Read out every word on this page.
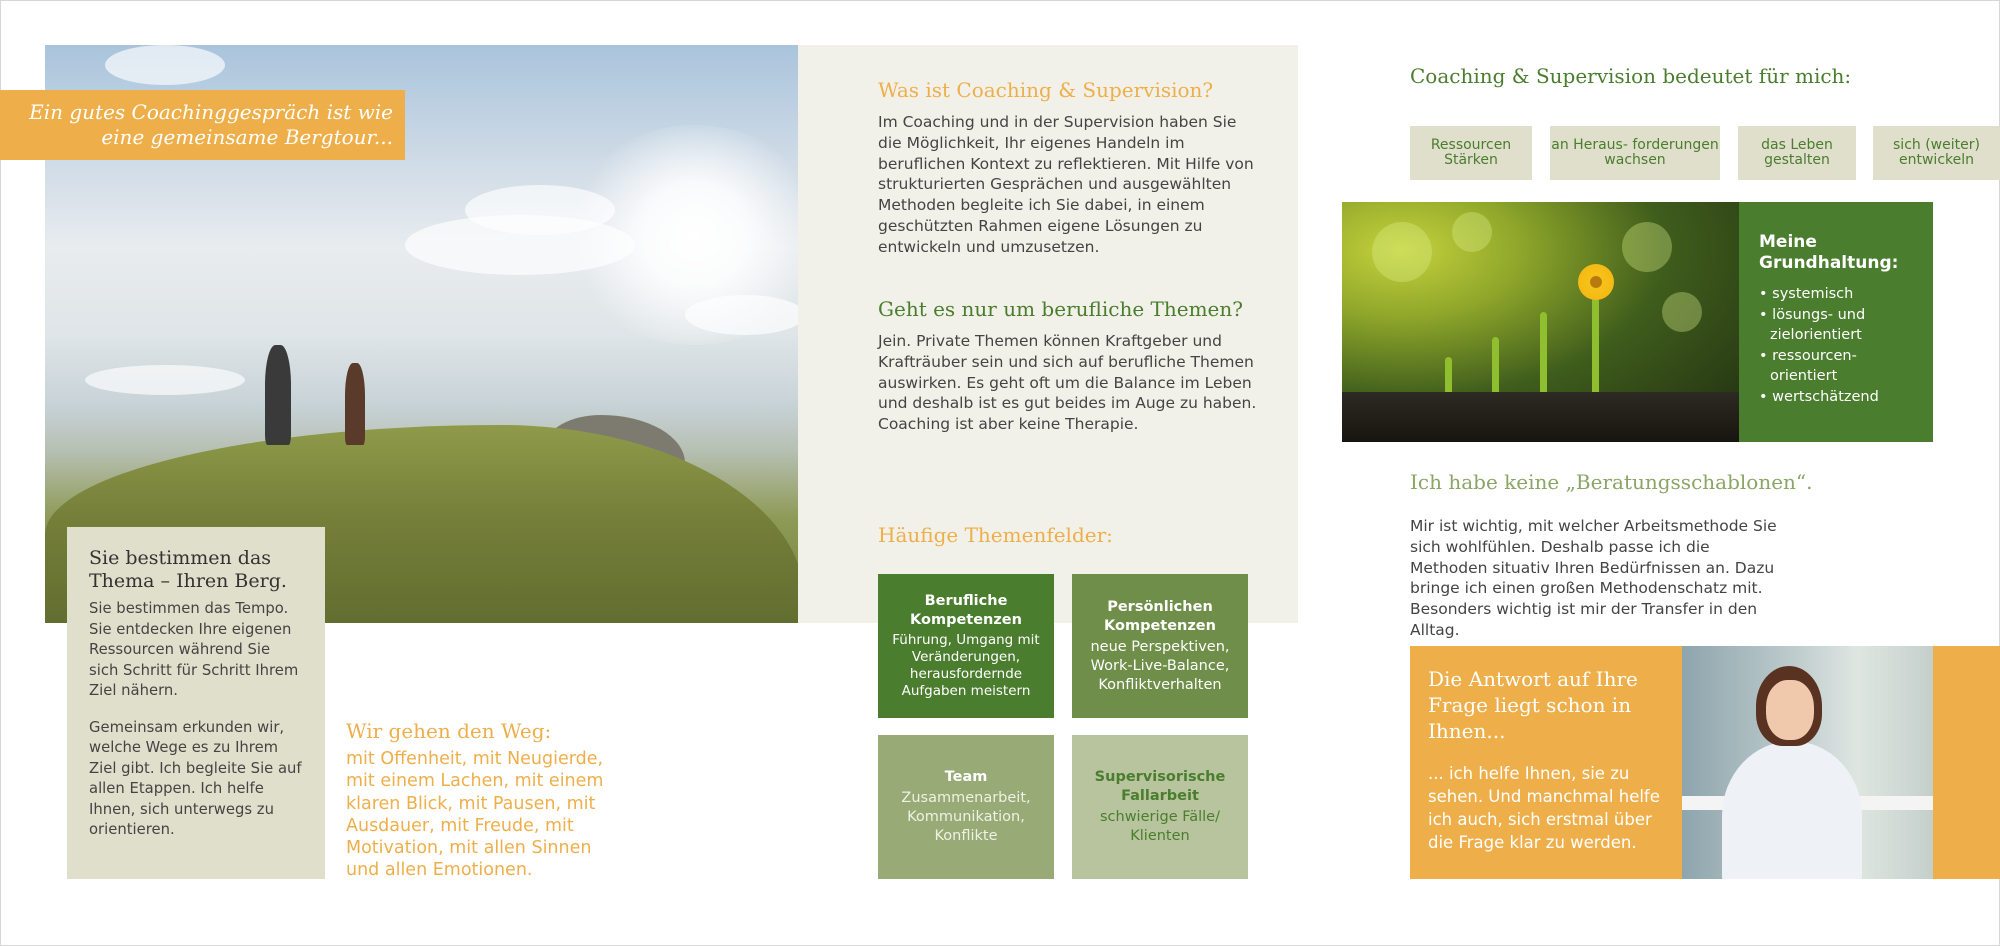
Ein gutes Coachinggespräch ist wie eine gemeinsame Bergtour...
Sie bestimmen das Thema – Ihren Berg.

Sie bestimmen das Tempo. Sie entdecken Ihre eigenen Ressourcen während Sie sich Schritt für Schritt Ihrem Ziel nähern.

Gemeinsam erkunden wir, welche Wege es zu Ihrem Ziel gibt. Ich begleite Sie auf allen Etappen. Ich helfe Ihnen, sich unterwegs zu orientieren.

Wir gehen den Weg:
mit Offenheit, mit Neugierde, mit einem Lachen, mit einem klaren Blick, mit Pausen, mit Ausdauer, mit Freude, mit Motivation, mit allen Sinnen und allen Emotionen.
Was ist Coaching & Supervision?
Im Coaching und in der Supervision haben Sie die Möglichkeit, Ihr eigenes Handeln im beruflichen Kontext zu reflektieren. Mit Hilfe von strukturierten Gesprächen und ausgewählten Methoden begleite ich Sie dabei, in einem geschützten Rahmen eigene Lösungen zu entwickeln und umzusetzen.
Geht es nur um berufliche Themen?
Jein. Private Themen können Kraftgeber und Krafträuber sein und sich auf berufliche Themen auswirken. Es geht oft um die Balance im Leben und deshalb ist es gut beides im Auge zu haben. Coaching ist aber keine Therapie.
Häufige Themenfelder:
Berufliche Kompetenzen
Führung, Umgang mit Veränderungen, herausfordernde Aufgaben meistern
Persönlichen Kompetenzen
neue Perspektiven, Work-Live-Balance, Konfliktverhalten
Team
Zusammenarbeit, Kommunikation, Konflikte
Supervisorische Fallarbeit
schwierige Fälle/ Klienten
Coaching & Supervision bedeutet für mich:
Ressourcen Stärken
an Heraus- forderungen wachsen
das Leben gestalten
sich (weiter) entwickeln
Meine Grundhaltung:
• systemisch
• lösungs- und zielorientiert
• ressourcen- orientiert
• wertschätzend
Ich habe keine „Beratungsschablonen“.
Mir ist wichtig, mit welcher Arbeitsmethode Sie sich wohlfühlen. Deshalb passe ich die Methoden situativ Ihren Bedürfnissen an. Dazu bringe ich einen großen Methodenschatz mit. Besonders wichtig ist mir der Transfer in den Alltag.
Die Antwort auf Ihre Frage liegt schon in Ihnen...

... ich helfe Ihnen, sie zu sehen. Und manchmal helfe ich auch, sich erstmal über die Frage klar zu werden.
